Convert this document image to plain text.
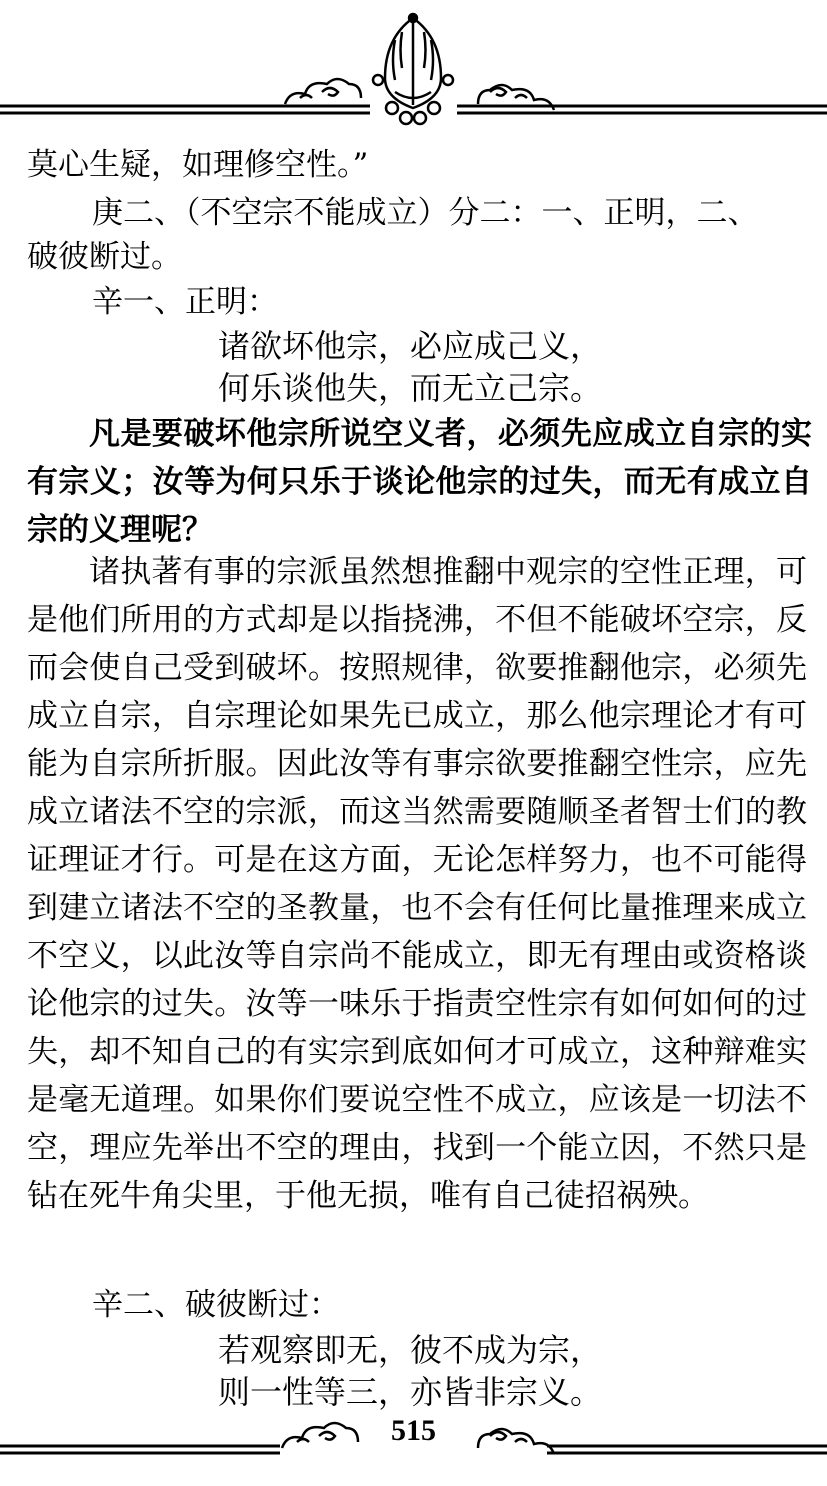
莫心生疑，如理修空性。”
庚二、（不空宗不能成立）分二：一、正明，二、
破彼断过。
辛一、正明：
诸欲坏他宗，必应成己义，
何乐谈他失，而无立己宗。

凡是要破坏他宗所说空义者，必须先应成立自宗的实有宗义；汝等为何只乐于谈论他宗的过失，而无有成立自宗的义理呢？

诸执著有事的宗派虽然想推翻中观宗的空性正理，可是他们所用的方式却是以指挠沸，不但不能破坏空宗，反而会使自己受到破坏。按照规律，欲要推翻他宗，必须先成立自宗，自宗理论如果先已成立，那么他宗理论才有可能为自宗所折服。因此汝等有事宗欲要推翻空性宗，应先成立诸法不空的宗派，而这当然需要随顺圣者智士们的教证理证才行。可是在这方面，无论怎样努力，也不可能得到建立诸法不空的圣教量，也不会有任何比量推理来成立不空义，以此汝等自宗尚不能成立，即无有理由或资格谈论他宗的过失。汝等一味乐于指责空性宗有如何如何的过失，却不知自己的有实宗到底如何才可成立，这种辩难实是毫无道理。如果你们要说空性不成立，应该是一切法不空，理应先举出不空的理由，找到一个能立因，不然只是钻在死牛角尖里，于他无损，唯有自己徒招祸殃。

辛二、破彼断过：
若观察即无，彼不成为宗，
则一性等三，亦皆非宗义。
515
